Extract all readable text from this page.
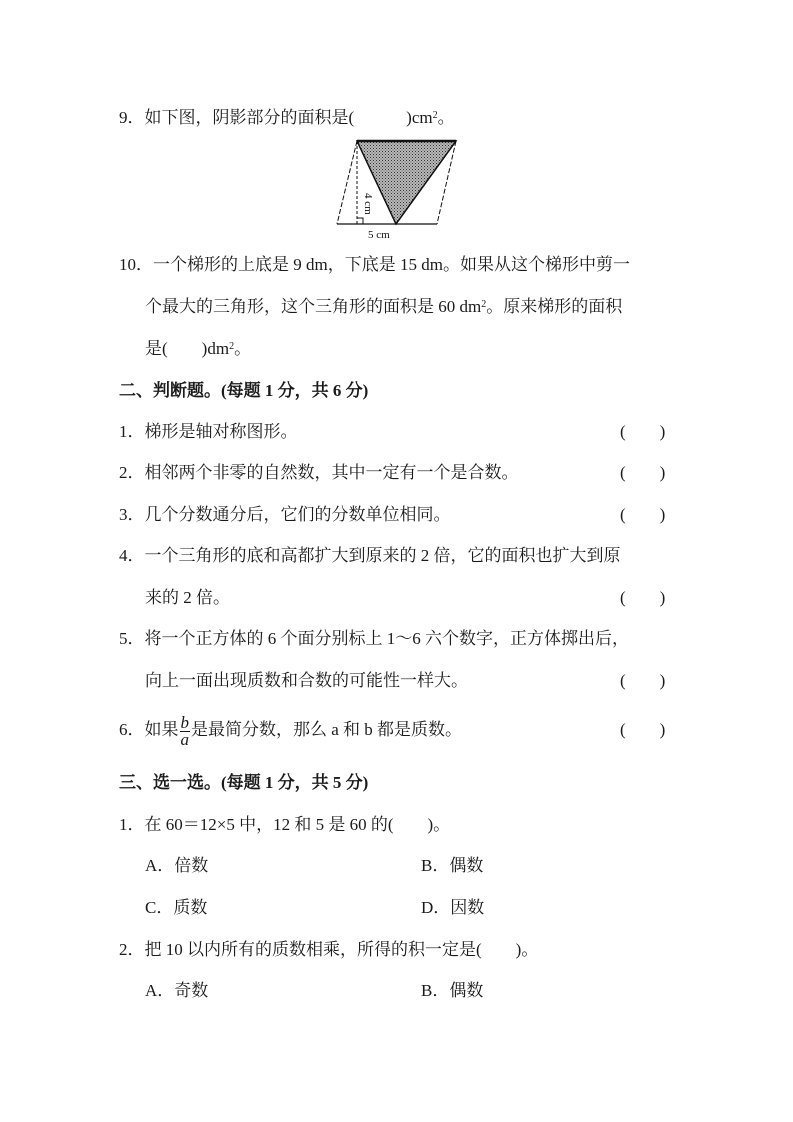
9．如下图，阴影部分的面积是(	)$cm^2$。
4 cm
5 cm
10．一个梯形的上底是 9 dm，下底是 15 dm。如果从这个梯形中剪一
个最大的三角形，这个三角形的面积是 60 $dm^2$。原来梯形的面积
是( )$dm^2$。
二、判断题。(每题 1 分，共 6 分)
1．梯形是轴对称图形。	(　　)
2．相邻两个非零的自然数，其中一定有一个是合数。	(　　)
3．几个分数通分后，它们的分数单位相同。	(　　)
4．一个三角形的底和高都扩大到原来的 2 倍，它的面积也扩大到原
来的 2 倍。	(　　)
5．将一个正方体的 6 个面分别标上 1～6 六个数字，正方体掷出后，
向上一面出现质数和合数的可能性一样大。	(　　)
6．如果 $\frac{b}{a}$ 是最简分数，那么 a 和 b 都是质数。	(　　)
三、选一选。(每题 1 分，共 5 分)
1．在 60＝12×5 中，12 和 5 是 60 的(　　)。
A．倍数	B．偶数
C．质数	D．因数
2．把 10 以内所有的质数相乘，所得的积一定是(　　)。
A．奇数	B．偶数
